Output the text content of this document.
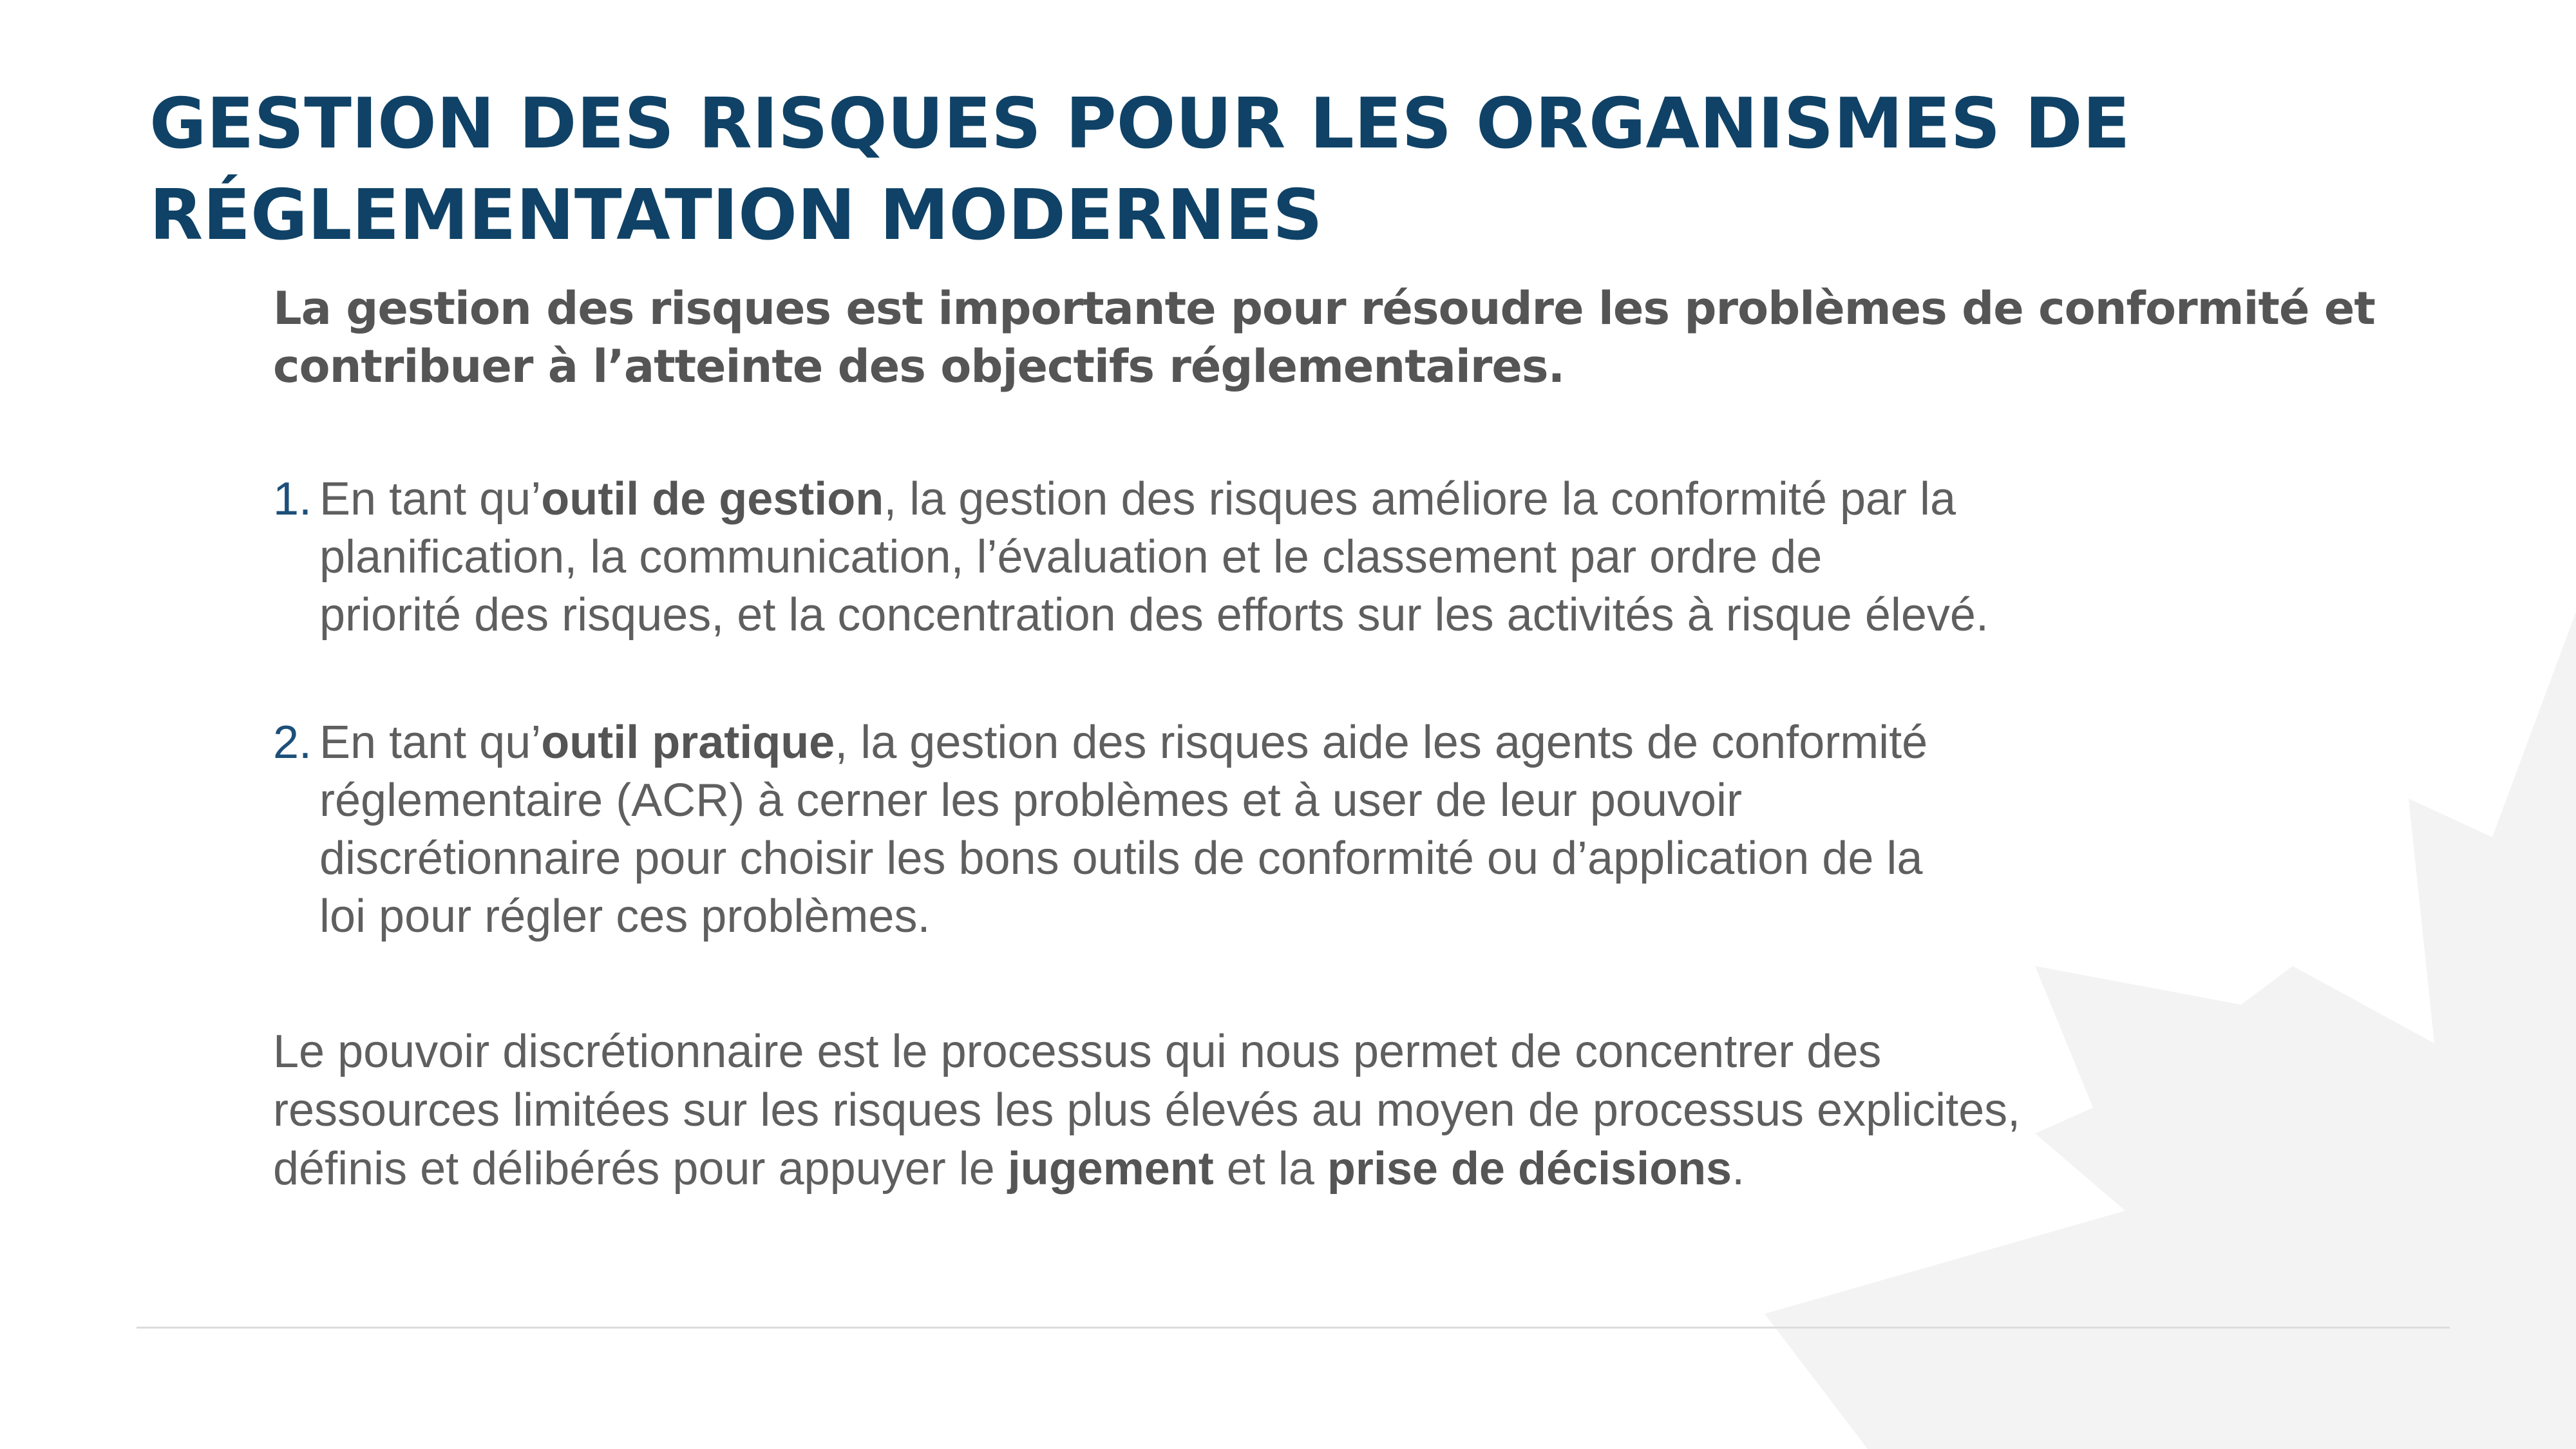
GESTION DES RISQUES POUR LES ORGANISMES DE
RÉGLEMENTATION MODERNES

La gestion des risques est importante pour résoudre les problèmes de conformité et
contribuer à l’atteinte des objectifs réglementaires.

1. En tant qu’outil de gestion, la gestion des risques améliore la conformité par la
planification, la communication, l’évaluation et le classement par ordre de
priorité des risques, et la concentration des efforts sur les activités à risque élevé.
2. En tant qu’outil pratique, la gestion des risques aide les agents de conformité
réglementaire (ACR) à cerner les problèmes et à user de leur pouvoir
discrétionnaire pour choisir les bons outils de conformité ou d’application de la
loi pour régler ces problèmes.

Le pouvoir discrétionnaire est le processus qui nous permet de concentrer des
ressources limitées sur les risques les plus élevés au moyen de processus explicites,
définis et délibérés pour appuyer le jugement et la prise de décisions.
